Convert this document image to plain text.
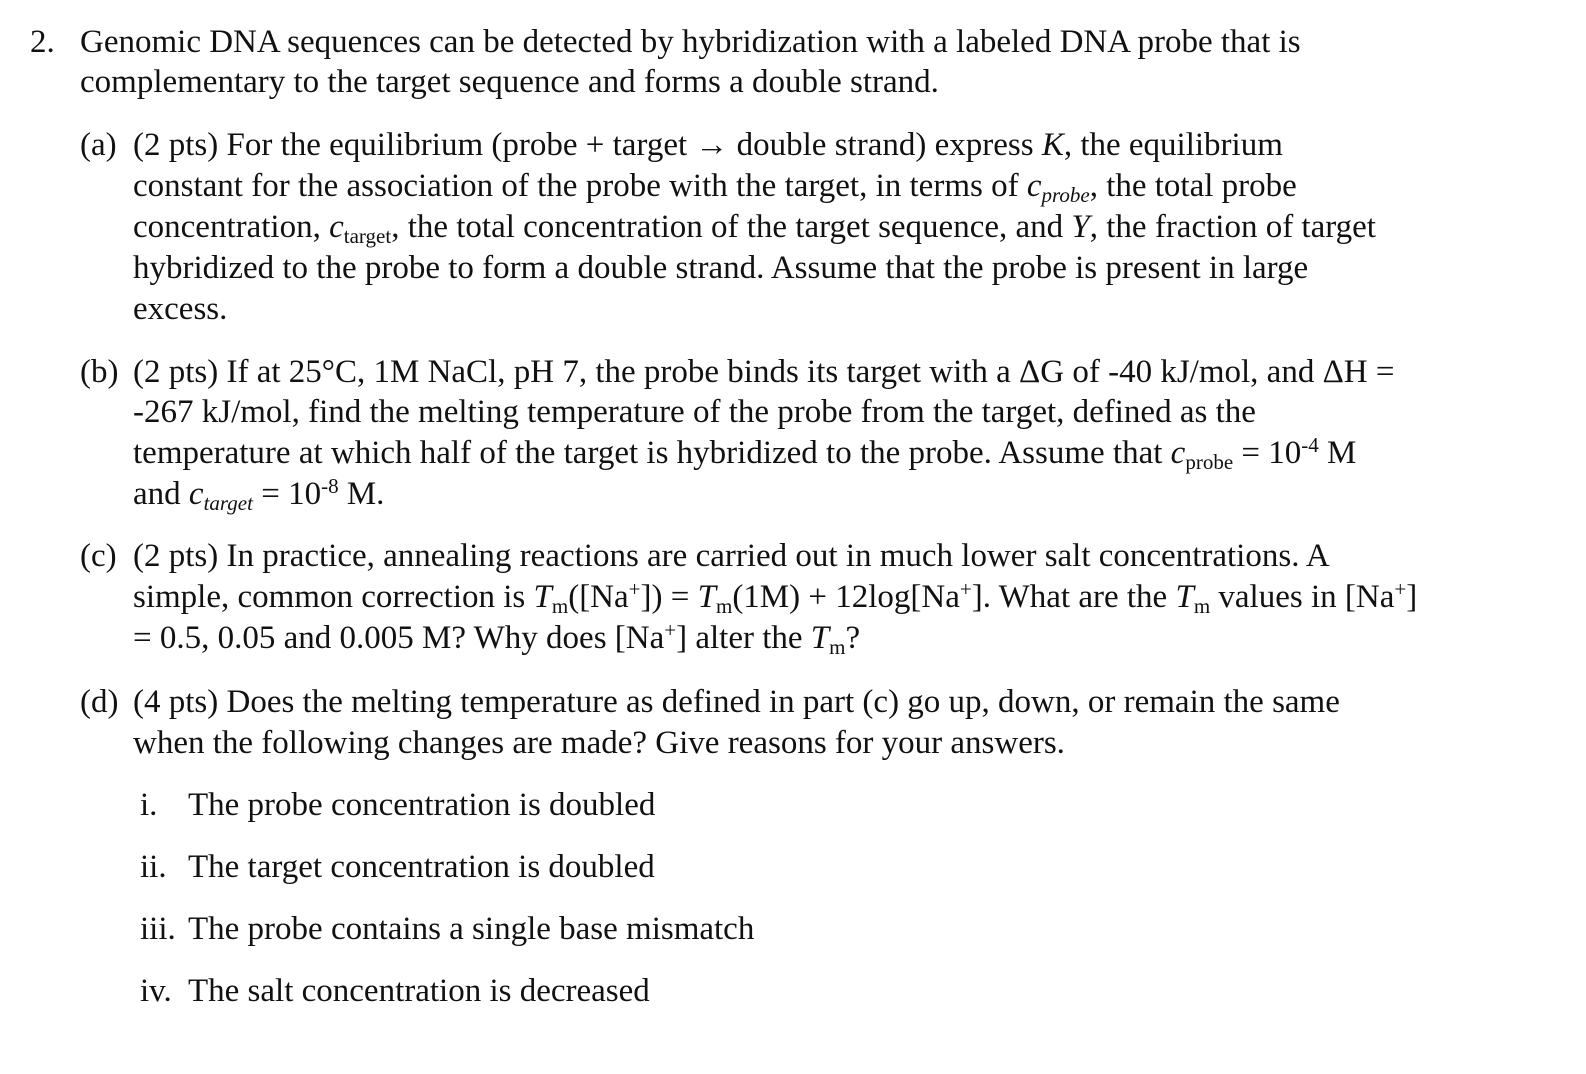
2. Genomic DNA sequences can be detected by hybridization with a labeled DNA probe that is
complementary to the target sequence and forms a double strand.
(a) (2 pts) For the equilibrium (probe + target → double strand) express K, the equilibrium
constant for the association of the probe with the target, in terms of $c_{probe}$, the total probe
concentration, $c_{target}$, the total concentration of the target sequence, and Y, the fraction of target
hybridized to the probe to form a double strand. Assume that the probe is present in large
excess.
(b) (2 pts) If at 25°C, 1M NaCl, pH 7, the probe binds its target with a ΔG of -40 kJ/mol, and ΔH =
-267 kJ/mol, find the melting temperature of the probe from the target, defined as the
temperature at which half of the target is hybridized to the probe. Assume that $c_{probe} = 10^{-4}$ M
and $c_{target} = 10^{-8}$ M.
(c) (2 pts) In practice, annealing reactions are carried out in much lower salt concentrations. A
simple, common correction is $T_m([Na^+]) = T_m(1M) + 12\log[Na^+]$. What are the $T_m$ values in [Na+]
= 0.5, 0.05 and 0.005 M? Why does [Na+] alter the $T_m$?
(d) (4 pts) Does the melting temperature as defined in part (c) go up, down, or remain the same
when the following changes are made? Give reasons for your answers.
i. The probe concentration is doubled
ii. The target concentration is doubled
iii. The probe contains a single base mismatch
iv. The salt concentration is decreased
